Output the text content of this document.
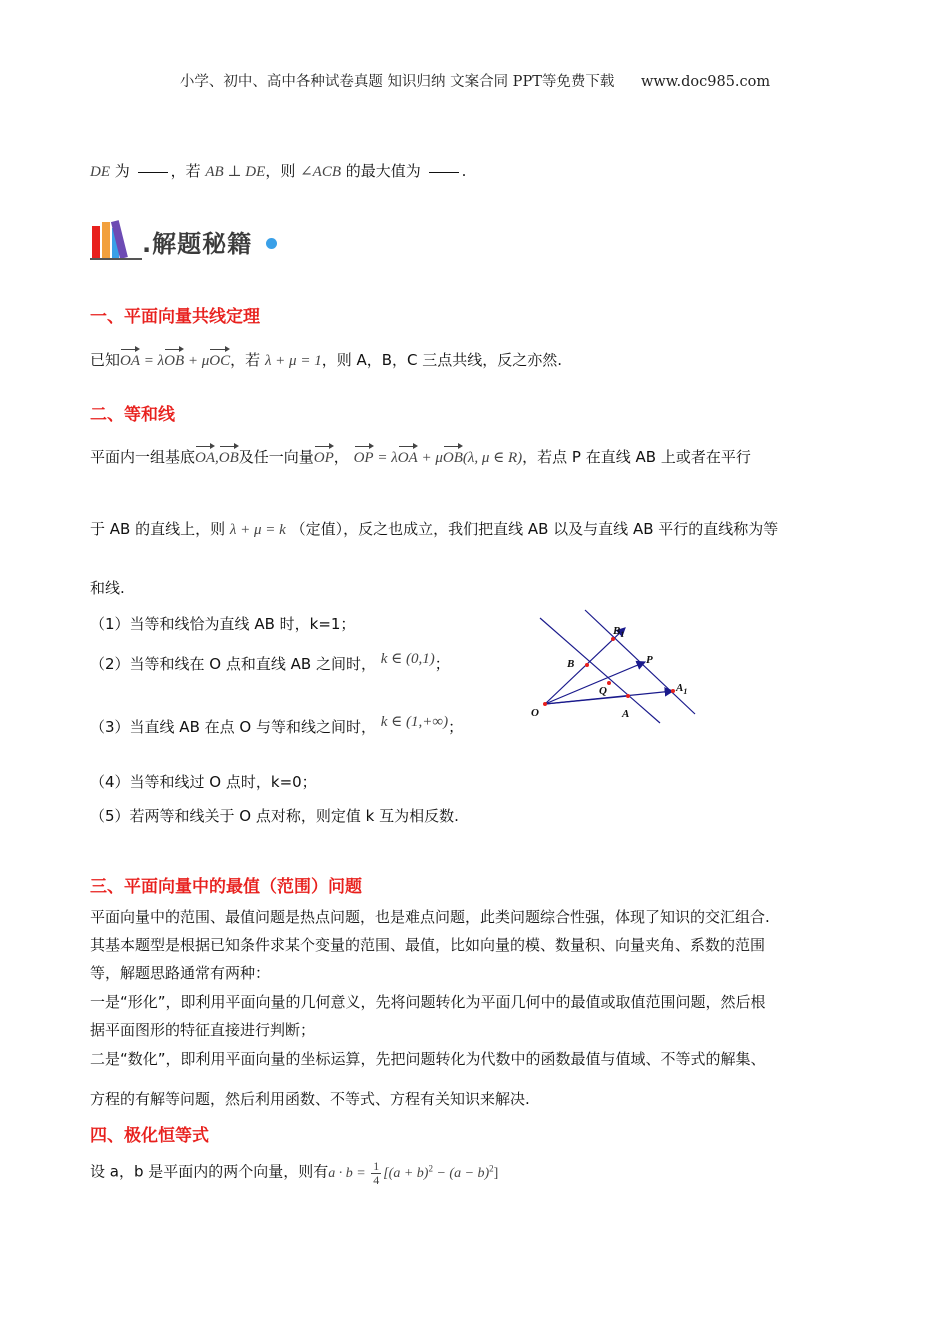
小学、初中、高中各种试卷真题 知识归纳 文案合同 PPT等免费下载 www.doc985.com
DE 为	，若 AB ⊥ DE，则 ∠ACB 的最大值为	.
.解题秘籍
一、平面向量共线定理
已知OA = λOB + μOC，若 λ + μ = 1，则 A，B，C 三点共线，反之亦然.
二、等和线
平面内一组基底OA,OB及任一向量OP， OP = λOA + μOB(λ, μ ∈ R)，若点 P 在直线 AB 上或者在平行
于 AB 的直线上，则 λ + μ = k （定值），反之也成立，我们把直线 AB 以及与直线 AB 平行的直线称为等
和线.
（1）当等和线恰为直线 AB 时，k=1；
（2）当等和线在 O 点和直线 AB 之间时， k ∈ (0,1)；
（3）当直线 AB 在点 O 与等和线之间时， k ∈ (1,+∞)；
（4）当等和线过 O 点时，k=0；
（5）若两等和线关于 O 点对称，则定值 k 互为相反数.
O
B
Q
A
P
$B_1$
$A_1$
三、平面向量中的最值（范围）问题
平面向量中的范围、最值问题是热点问题，也是难点问题，此类问题综合性强，体现了知识的交汇组合.
其基本题型是根据已知条件求某个变量的范围、最值，比如向量的模、数量积、向量夹角、系数的范围
等，解题思路通常有两种：
一是“形化”，即利用平面向量的几何意义，先将问题转化为平面几何中的最值或取值范围问题，然后根
据平面图形的特征直接进行判断；
二是“数化”，即利用平面向量的坐标运算，先把问题转化为代数中的函数最值与值域、不等式的解集、
方程的有解等问题，然后利用函数、不等式、方程有关知识来解决.
四、极化恒等式
设 a，b 是平面内的两个向量，则有$a \cdot b = \frac{1}{4} [(a + b)^2 - (a - b)^2]$
